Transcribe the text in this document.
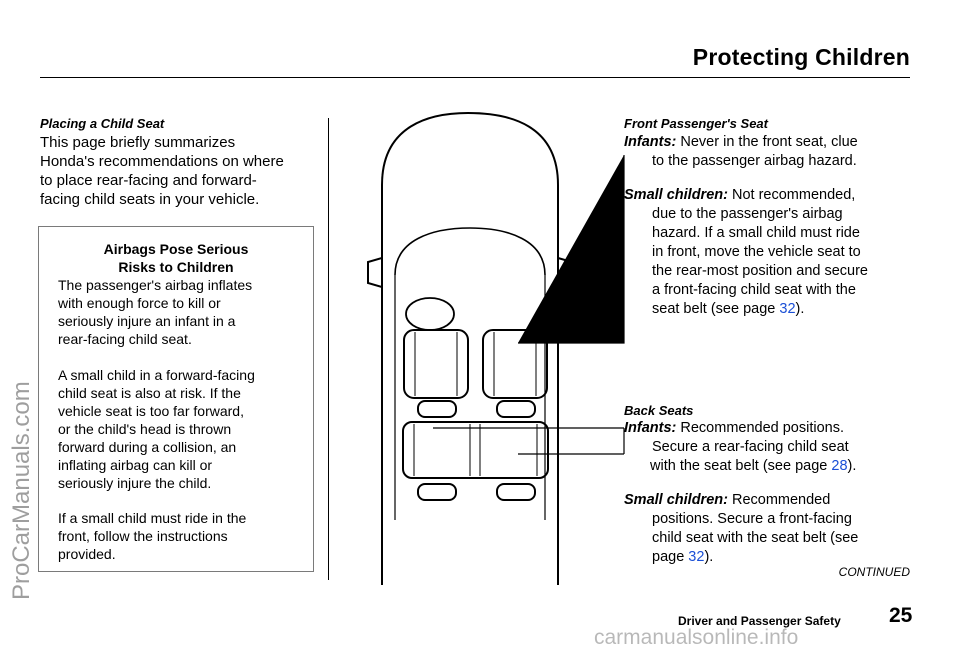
Protecting Children
Placing a Child Seat
This page briefly summarizes
Honda's recommendations on where
to place rear-facing and forward-
facing child seats in your vehicle.
Airbags Pose Serious
Risks to Children
The passenger's airbag inflates
with enough force to kill or
seriously injure an infant in a
rear-facing child seat.
A small child in a forward-facing
child seat is also at risk. If the
vehicle seat is too far forward,
or the child's head is thrown
forward during a collision, an
inflating airbag can kill or
seriously injure the child.
If a small child must ride in the
front, follow the instructions
provided.
Front Passenger's Seat
Infants: Never in the front seat, clue
to the passenger airbag hazard.
Small children: Not recommended,
due to the passenger's airbag
hazard. If a small child must ride
in front, move the vehicle seat to
the rear-most position and secure
a front-facing child seat with the
seat belt (see page 32).
Back Seats
Infants: Recommended positions.
Secure a rear-facing child seat
with the seat belt (see page 28).
Small children: Recommended
positions. Secure a front-facing
child seat with the seat belt (see
page 32).
CONTINUED
Driver and Passenger Safety 25
ProCarManuals.com
carmanualsonline.info
